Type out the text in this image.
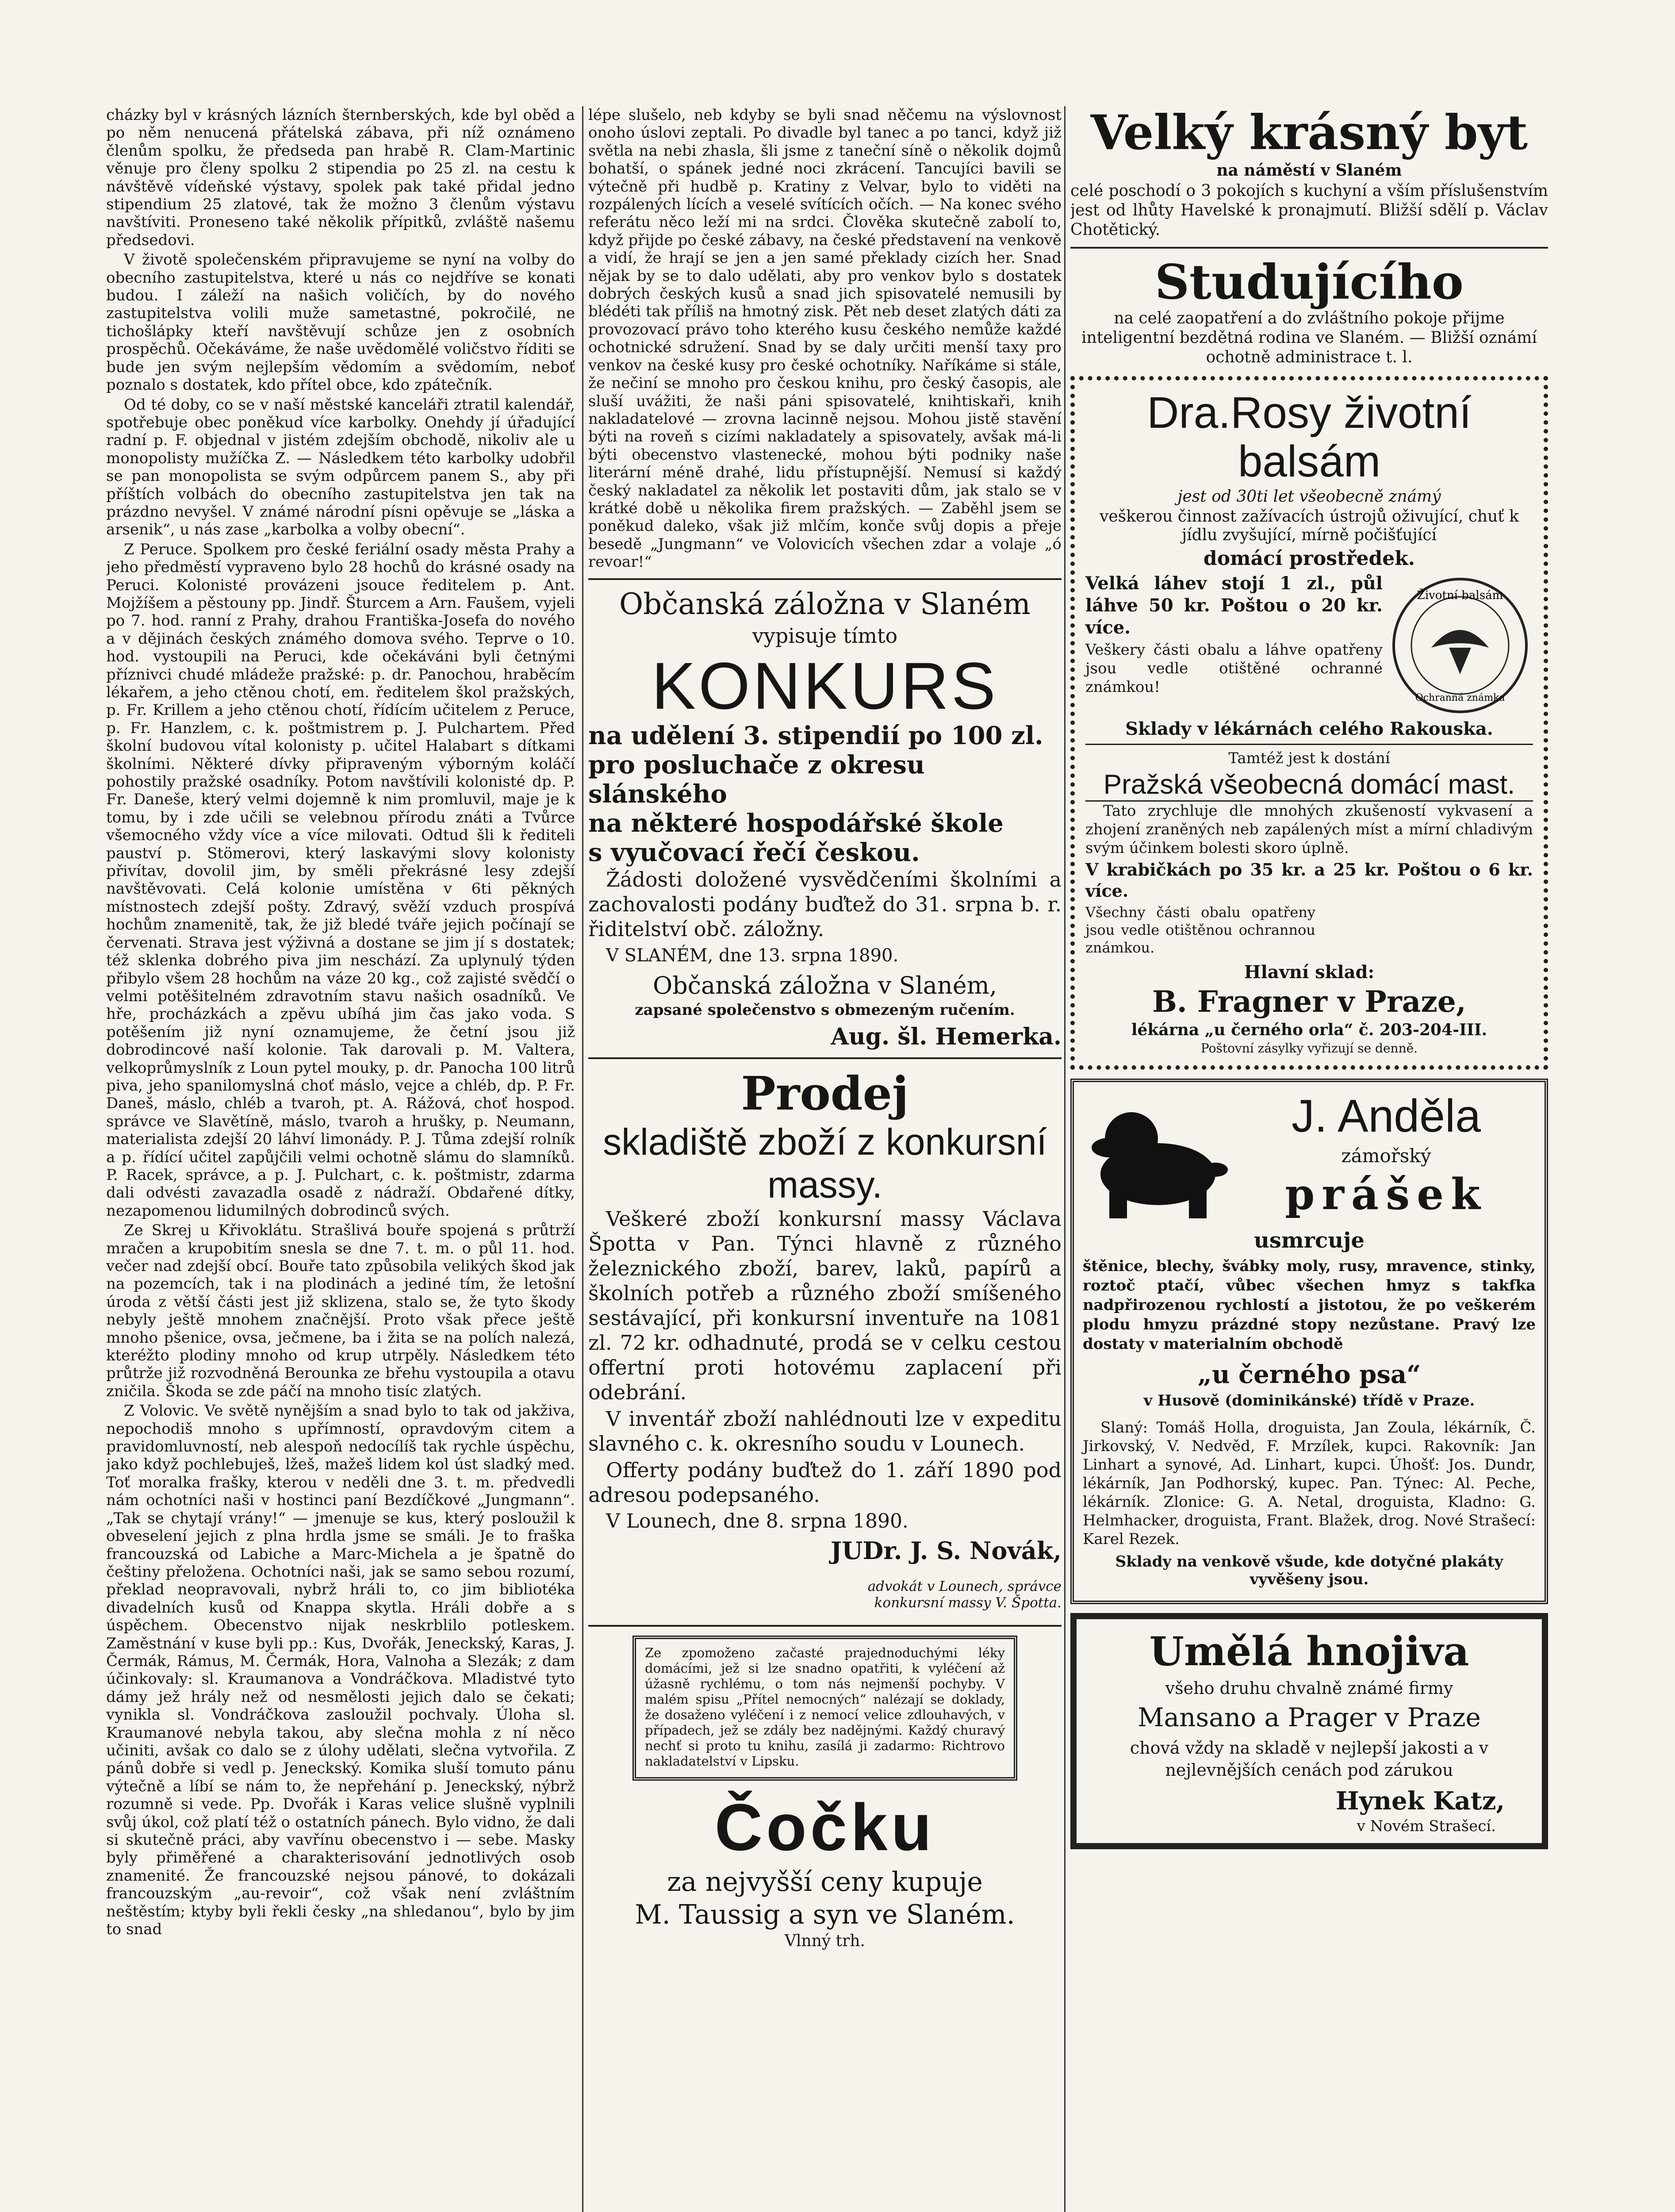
cházky byl v krásných lázních šternberských, kde byl oběd a po něm nenucená přátelská zábava, při níž oznámeno členům spolku, že předseda pan hrabě R. Clam-Martinic věnuje pro členy spolku 2 stipendia po 25 zl. na cestu k návštěvě vídeňské výstavy, spolek pak také přidal jedno stipendium 25 zlatové, tak že možno 3 členům výstavu navštíviti. Proneseno také několik přípitků, zvláště našemu předsedovi.

V životě společenském připravujeme se nyní na volby do obecního zastupitelstva, které u nás co nejdříve se konati budou. I záleží na našich voličích, by do nového zastupitelstva volili muže sametastné, pokročilé, ne tichošlápky kteří navštěvují schůze jen z osobních prospěchů. Očekáváme, že naše uvědomělé voličstvo říditi se bude jen svým nejlepším vědomím a svědomím, neboť poznalo s dostatek, kdo přítel obce, kdo zpátečník.

Od té doby, co se v naší městské kanceláři ztratil kalendář, spotřebuje obec poněkud více karbolky. Onehdy jí úřadující radní p. F. objednal v jistém zdejším obchodě, nikoliv ale u monopolisty mužíčka Z. — Následkem této karbolky udobřil se pan monopolista se svým odpůrcem panem S., aby při příštích volbách do obecního zastupitelstva jen tak na prázdno nevyšel. V známé národní písni opěvuje se „láska a arsenik“, u nás zase „karbolka a volby obecní“.

Z Peruce. Spolkem pro české feriální osady města Prahy a jeho předměstí vypraveno bylo 28 hochů do krásné osady na Peruci. Kolonisté provázeni jsouce ředitelem p. Ant. Mojžíšem a pěstouny pp. Jindř. Šturcem a Arn. Faušem, vyjeli po 7. hod. ranní z Prahy, drahou Františka-Josefa do nového a v dějinách českých známého domova svého. Teprve o 10. hod. vystoupili na Peruci, kde očekáváni byli četnými příznivci chudé mládeže pražské: p. dr. Panochou, hraběcím lékařem, a jeho ctěnou chotí, em. ředitelem škol pražských, p. Fr. Krillem a jeho ctěnou chotí, řídícím učitelem z Peruce, p. Fr. Hanzlem, c. k. poštmistrem p. J. Pulchartem. Před školní budovou vítal kolonisty p. učitel Halabart s dítkami školními. Některé dívky připraveným výborným koláčí pohostily pražské osadníky. Potom navštívili kolonisté dp. P. Fr. Daneše, který velmi dojemně k nim promluvil, maje je k tomu, by i zde učili se velebnou přírodu znáti a Tvůrce všemocného vždy více a více milovati. Odtud šli k řediteli pauství p. Stömerovi, který laskavými slovy kolonisty přivítav, dovolil jim, by směli překrásné lesy zdejší navštěvovati. Celá kolonie umístěna v 6ti pěkných místnostech zdejší pošty. Zdravý, svěží vzduch prospívá hochům znamenitě, tak, že již bledé tváře jejich počínají se červenati. Strava jest výživná a dostane se jim jí s dostatek; též sklenka dobrého piva jim neschází. Za uplynulý týden přibylo všem 28 hochům na váze 20 kg., což zajisté svědčí o velmi potěšitelném zdravotním stavu našich osadníků. Ve hře, procházkách a zpěvu ubíhá jim čas jako voda. S potěšením již nyní oznamujeme, že četní jsou již dobrodincové naší kolonie. Tak darovali p. M. Valtera, velkoprůmyslník z Loun pytel mouky, p. dr. Panocha 100 litrů piva, jeho spanilomyslná choť máslo, vejce a chléb, dp. P. Fr. Daneš, máslo, chléb a tvaroh, pt. A. Rážová, choť hospod. správce ve Slavětíně, máslo, tvaroh a hrušky, p. Neumann, materialista zdejší 20 láhví limonády. P. J. Tůma zdejší rolník a p. řídící učitel zapůjčili velmi ochotně slámu do slamníků. P. Racek, správce, a p. J. Pulchart, c. k. poštmistr, zdarma dali odvésti zavazadla osadě z nádraží. Obdařené dítky, nezapomenou lidumilných dobrodinců svých.

Ze Skrej u Křivoklátu. Strašlivá bouře spojená s průtrží mračen a krupobitím snesla se dne 7. t. m. o půl 11. hod. večer nad zdejší obcí. Bouře tato způsobila velikých škod jak na pozemcích, tak i na plodinách a jediné tím, že letošní úroda z větší části jest již sklizena, stalo se, že tyto škody nebyly ještě mnohem značnější. Proto však přece ještě mnoho pšenice, ovsa, ječmene, ba i žita se na polích nalezá, kteréžto plodiny mnoho od krup utrpěly. Následkem této průtrže již rozvodněná Berounka ze břehu vystoupila a otavu zničila. Škoda se zde páčí na mnoho tisíc zlatých.

Z Volovic. Ve světě nynějším a snad bylo to tak od jakživa, nepochodiš mnoho s upřímností, opravdovým citem a pravidomluvností, neb alespoň nedocílíš tak rychle úspěchu, jako když pochlebuješ, lžeš, mažeš lidem kol úst sladký med. Toť moralka frašky, kterou v neděli dne 3. t. m. předvedli nám ochotníci naši v hostinci paní Bezdíčkové „Jungmann“. „Tak se chytají vrány!“ — jmenuje se kus, který posloužil k obveselení jejich z plna hrdla jsme se smáli. Je to fraška francouzská od Labiche a Marc-Michela a je špatně do češtiny přeložena. Ochotníci naši, jak se samo sebou rozumí, překlad neopravovali, nybrž hráli to, co jim bibliotéka divadelních kusů od Knappa skytla. Hráli dobře a s úspěchem. Obecenstvo nijak neskrblilo potleskem. Zaměstnání v kuse byli pp.: Kus, Dvořák, Jeneckský, Karas, J. Čermák, Rámus, M. Čermák, Hora, Valnoha a Slezák; z dam účinkovaly: sl. Kraumanova a Vondráčkova. Mladistvé tyto dámy jež hrály než od nesmělosti jejich dalo se čekati; vynikla sl. Vondráčkova zasloužil pochvaly. Úloha sl. Kraumanové nebyla takou, aby slečna mohla z ní něco učiniti, avšak co dalo se z úlohy udělati, slečna vytvořila. Z pánů dobře si vedl p. Jeneckský. Komika sluší tomuto pánu výtečně a líbí se nám to, že nepřehání p. Jeneckský, nýbrž rozumně si vede. Pp. Dvořák i Karas velice slušně vyplnili svůj úkol, což platí též o ostatních pánech. Bylo vidno, že dali si skutečně práci, aby vavřínu obecenstvo i — sebe. Masky byly přiměřené a charakterisování jednotlivých osob znamenité. Že francouzské nejsou pánové, to dokázali francouzským „au-revoir“, což však není zvláštním neštěstím; ktyby byli řekli česky „na shledanou“, bylo by jim to snad

lépe slušelo, neb kdyby se byli snad něčemu na výslovnost onoho úslovi zeptali. Po divadle byl tanec a po tanci, když již světla na nebi zhasla, šli jsme z taneční síně o několik dojmů bohatší, o spánek jedné noci zkrácení. Tancujíci bavili se výtečně při hudbě p. Kratiny z Velvar, bylo to viděti na rozpálených lících a veselé svítících očích. — Na konec svého referátu něco leží mi na srdci. Člověka skutečně zabolí to, když přijde po české zábavy, na české představení na venkově a vidí, že hrají se jen a jen samé překlady cizích her. Snad nějak by se to dalo udělati, aby pro venkov bylo s dostatek dobrých českých kusů a snad jich spisovatelé nemusili by blédéti tak příliš na hmotný zisk. Pět neb deset zlatých dáti za provozovací právo toho kterého kusu českého nemůže každé ochotnické sdružení. Snad by se daly určiti menší taxy pro venkov na české kusy pro české ochotníky. Naříkáme si stále, že nečiní se mnoho pro českou knihu, pro český časopis, ale sluší uvážiti, že naši páni spisovatelé, knihtiskaři, knih nakladatelové — zrovna lacinně nejsou. Mohou jistě stavění býti na roveň s cizími nakladately a spisovately, avšak má-li býti obecenstvo vlastenecké, mohou býti podniky naše literární méně drahé, lidu přístupnější. Nemusí si každý český nakladatel za několik let postaviti dům, jak stalo se v krátké době u několika firem pražských. — Zaběhl jsem se poněkud daleko, však již mlčím, konče svůj dopis a přeje besedě „Jungmann“ ve Volovicích všechen zdar a volaje „ó revoar!“

Občanská záložna v Slaném

vypisuje tímto

KONKURS

na udělení 3. stipendií po 100 zl.

pro posluchače z okresu slánského

na některé hospodářské škole

s vyučovací řečí českou.

Žádosti doložené vysvědčeními školními a zachovalosti podány buďtež do 31. srpna b. r. řiditelství obč. záložny.

V SLANÉM, dne 13. srpna 1890.

Občanská záložna v Slaném,

zapsané společenstvo s obmezeným ručením.

Aug. šl. Hemerka.

Prodej

skladiště zboží z konkursní massy.

Veškeré zboží konkursní massy Václava Špotta v Pan. Týnci hlavně z různého železnického zboží, barev, laků, papírů a školních potřeb a různého zboží smíšeného sestávající, při konkursní inventuře na 1081 zl. 72 kr. odhadnuté, prodá se v celku cestou offertní proti hotovému zaplacení při odebrání.

V inventář zboží nahlédnouti lze v expeditu slavného c. k. okresního soudu v Lounech.

Offerty podány buďtež do 1. září 1890 pod adresou podepsaného.

V Lounech, dne 8. srpna 1890.

JUDr. J. S. Novák,

advokát v Lounech, správce konkursní massy V. Špotta.

Ze zpomoženo začasté prajednoduchými léky domácími, jež si lze snadno opatřiti, k vyléčení až úžasně rychlému, o tom nás nejmenší pochyby. V malém spisu „Přítel nemocných“ nalézají se doklady, že dosaženo vyléčení i z nemocí velice zdlouhavých, v případech, jež se zdály bez nadějnými. Každý churavý nechť si proto tu knihu, zasílá ji zadarmo: Richtrovo nakladatelství v Lipsku.

Čočku

za nejvyšší ceny kupuje

M. Taussig a syn ve Slaném.

Vlnný trh.

Velký krásný byt

na náměstí v Slaném

celé poschodí o 3 pokojích s kuchyní a vším příslušenstvím jest od lhůty Havelské k pronajmutí. Bližší sdělí p. Václav Chotětický.

Studujícího

na celé zaopatření a do zvláštního pokoje přijme inteligentní bezdětná rodina ve Slaném. — Bližší oznámí ochotně administrace t. l.

Dra.Rosy životní balsám

jest od 30ti let všeobecně známý

veškerou činnost zažívacích ústrojů oživující, chuť k jídlu zvyšující, mírně počišťující

domácí prostředek.

Životní balsám
Ochranná známka

Velká láhev stojí 1 zl., půl láhve 50 kr. Poštou o 20 kr. více.

Veškery části obalu a láhve opatřeny jsou vedle otištěné ochranné známkou!

Sklady v lékárnách celého Rakouska.

Tamtéž jest k dostání

Pražská všeobecná domácí mast.

Tato zrychluje dle mnohých zkušeností vykvasení a zhojení zraněných neb zapálených míst a mírní chladivým svým účinkem bolesti skoro úplně.

V krabičkách po 35 kr. a 25 kr. Poštou o 6 kr. více.

Všechny části obalu opatřeny jsou vedle otištěnou ochrannou známkou.

Hlavní sklad:

B. Fragner v Praze,

lékárna „u černého orla“ č. 203-204-III.

Poštovní zásylky vyřizují se denně.

J. Anděla

zámořský

prášek

usmrcuje

štěnice, blechy, švábky moly, rusy, mravence, stinky, roztoč ptačí, vůbec všechen hmyz s takfka nadpřirozenou rychlostí a jistotou, že po veškerém plodu hmyzu prázdné stopy nezůstane. Pravý lze dostaty v materialním obchodě

„u černého psa“

v Husově (dominikánské) třídě v Praze.

Slaný: Tomáš Holla, droguista, Jan Zoula, lékárník, Č. Jirkovský, V. Nedvěd, F. Mrzílek, kupci. Rakovník: Jan Linhart a synové, Ad. Linhart, kupci. Úhošť: Jos. Dundr, lékárník, Jan Podhorský, kupec. Pan. Týnec: Al. Peche, lékárník. Zlonice: G. A. Netal, droguista, Kladno: G. Helmhacker, droguista, Frant. Blažek, drog. Nové Strašecí: Karel Rezek.

Sklady na venkově všude, kde dotyčné plakáty vyvěšeny jsou.

Umělá hnojiva

všeho druhu chvalně známé firmy

Mansano a Prager v Praze

chová vždy na skladě v nejlepší jakosti a v nejlevnějších cenách pod zárukou

Hynek Katz,

v Novém Strašecí.
